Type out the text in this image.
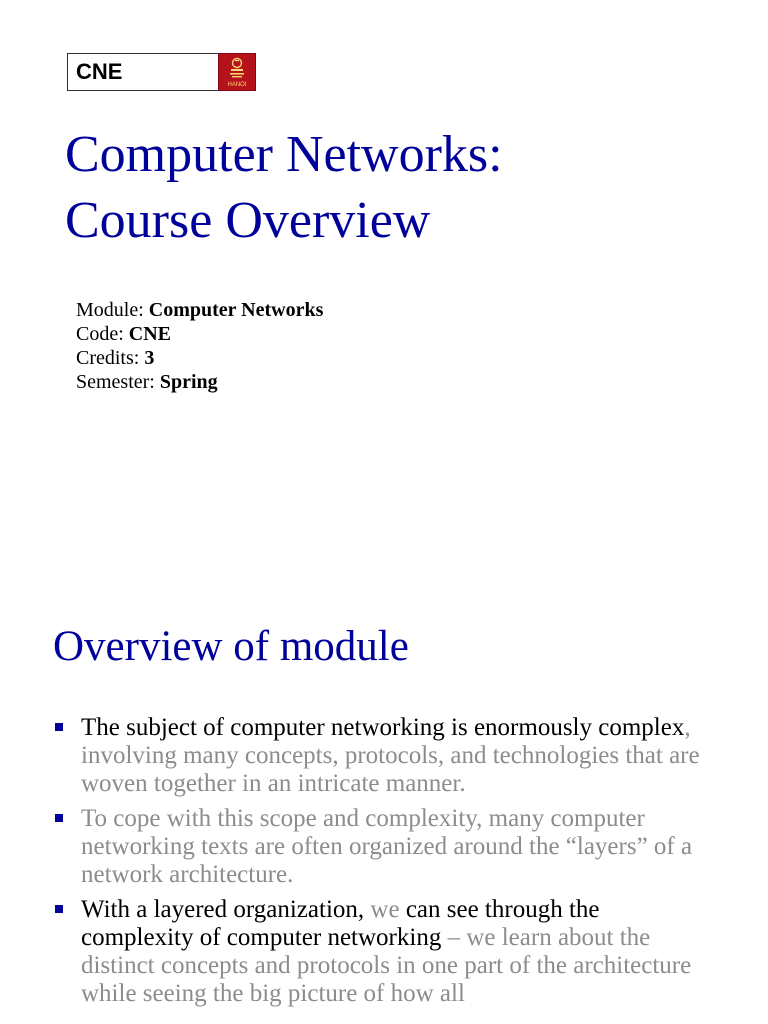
CNE
HANOI
Computer Networks:
Course Overview
Module: Computer Networks
Code: CNE
Credits: 3
Semester: Spring
Overview of module
The subject of computer networking is enormously complex, involving many concepts, protocols, and technologies that are woven together in an intricate manner.
To cope with this scope and complexity, many computer networking texts are often organized around the “layers” of a network architecture.
With a layered organization, we can see through the complexity of computer networking – we learn about the distinct concepts and protocols in one part of the architecture while seeing the big picture of how all
